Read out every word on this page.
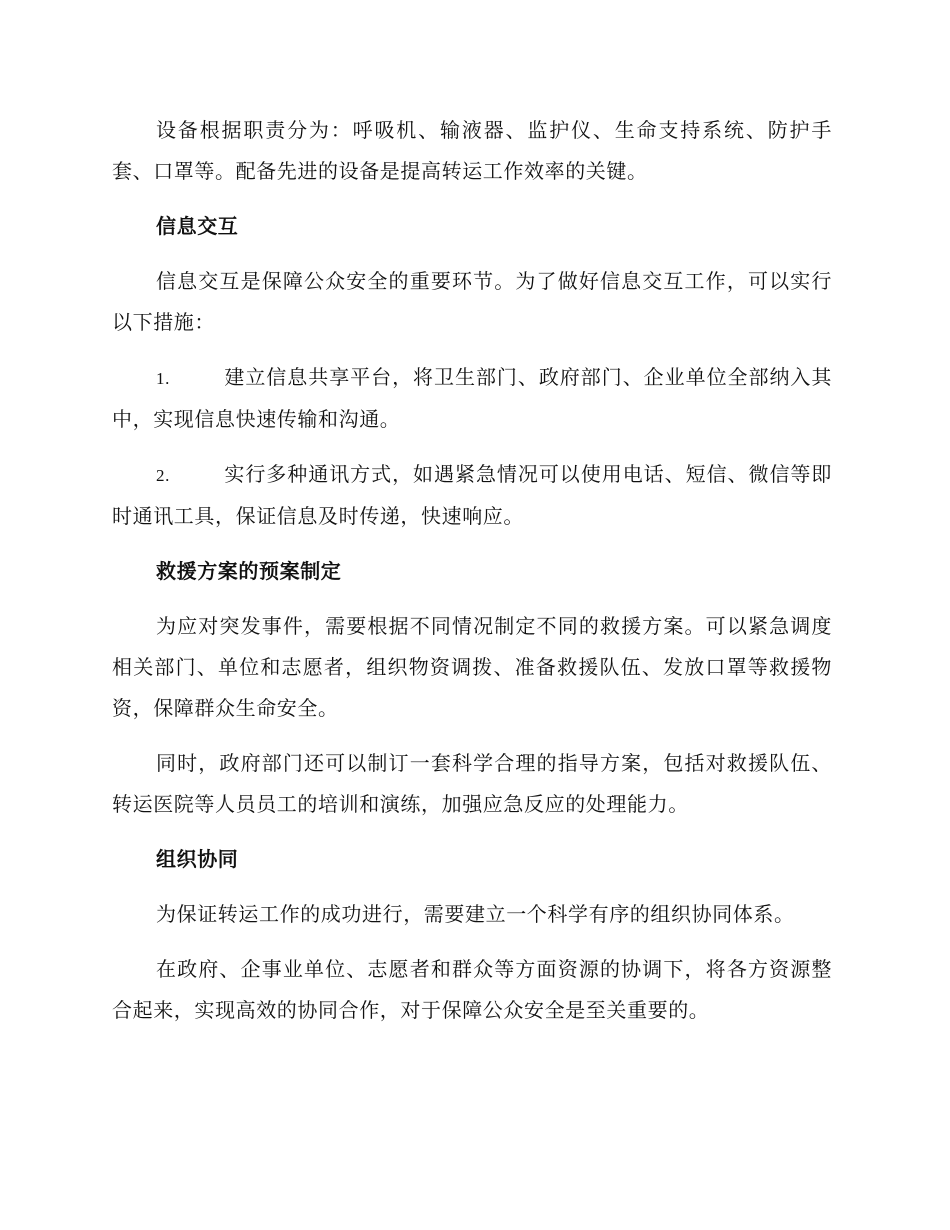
设备根据职责分为：呼吸机、输液器、监护仪、生命支持系统、防护手套、口罩等。配备先进的设备是提高转运工作效率的关键。

信息交互

信息交互是保障公众安全的重要环节。为了做好信息交互工作，可以实行以下措施：

1.	建立信息共享平台，将卫生部门、政府部门、企业单位全部纳入其中，实现信息快速传输和沟通。

2.	实行多种通讯方式，如遇紧急情况可以使用电话、短信、微信等即时通讯工具，保证信息及时传递，快速响应。

救援方案的预案制定

为应对突发事件，需要根据不同情况制定不同的救援方案。可以紧急调度相关部门、单位和志愿者，组织物资调拨、准备救援队伍、发放口罩等救援物资，保障群众生命安全。

同时，政府部门还可以制订一套科学合理的指导方案，包括对救援队伍、转运医院等人员员工的培训和演练，加强应急反应的处理能力。

组织协同

为保证转运工作的成功进行，需要建立一个科学有序的组织协同体系。

在政府、企事业单位、志愿者和群众等方面资源的协调下，将各方资源整合起来，实现高效的协同合作，对于保障公众安全是至关重要的。
